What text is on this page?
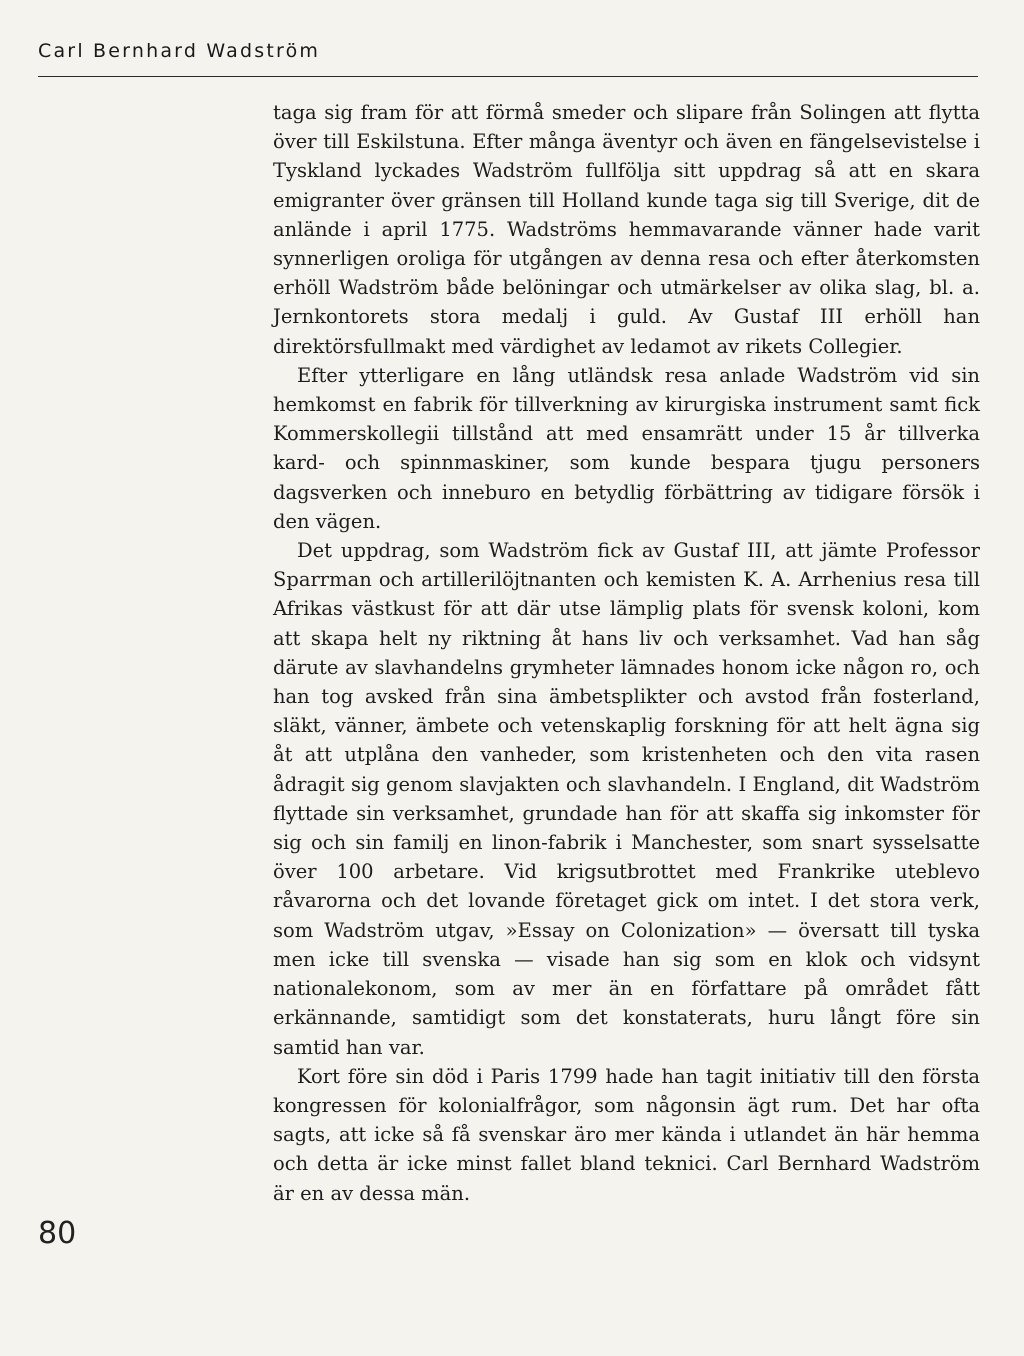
Carl Bernhard Wadström

taga sig fram för att förmå smeder och slipare från Solingen att flytta över till Eskilstuna. Efter många äventyr och även en fängelsevistelse i Tyskland lyckades Wadström fullfölja sitt uppdrag så att en skara emigranter över gränsen till Holland kunde taga sig till Sverige, dit de anlände i april 1775. Wadströms hemmavarande vänner hade varit synnerligen oroliga för utgången av denna resa och efter återkomsten erhöll Wadström både belöningar och utmärkelser av olika slag, bl. a. Jernkontorets stora medalj i guld. Av Gustaf III erhöll han direktörsfullmakt med värdighet av ledamot av rikets Collegier.

Efter ytterligare en lång utländsk resa anlade Wadström vid sin hemkomst en fabrik för tillverkning av kirurgiska instrument samt fick Kommerskollegii tillstånd att med ensamrätt under 15 år tillverka kard- och spinnmaskiner, som kunde bespara tjugu personers dagsverken och inneburo en betydlig förbättring av tidigare försök i den vägen.

Det uppdrag, som Wadström fick av Gustaf III, att jämte Professor Sparrman och artillerilöjtnanten och kemisten K. A. Arrhenius resa till Afrikas västkust för att där utse lämplig plats för svensk koloni, kom att skapa helt ny riktning åt hans liv och verksamhet. Vad han såg därute av slavhandelns grymheter lämnades honom icke någon ro, och han tog avsked från sina ämbetsplikter och avstod från fosterland, släkt, vänner, ämbete och vetenskaplig forskning för att helt ägna sig åt att utplåna den vanheder, som kristenheten och den vita rasen ådragit sig genom slavjakten och slavhandeln. I England, dit Wadström flyttade sin verksamhet, grundade han för att skaffa sig inkomster för sig och sin familj en linon-fabrik i Manchester, som snart sysselsatte över 100 arbetare. Vid krigsutbrottet med Frankrike uteblevo råvarorna och det lovande företaget gick om intet. I det stora verk, som Wadström utgav, »Essay on Colonization» — översatt till tyska men icke till svenska — visade han sig som en klok och vidsynt nationalekonom, som av mer än en författare på området fått erkännande, samtidigt som det konstaterats, huru långt före sin samtid han var.

Kort före sin död i Paris 1799 hade han tagit initiativ till den första kongressen för kolonialfrågor, som någonsin ägt rum. Det har ofta sagts, att icke så få svenskar äro mer kända i utlandet än här hemma och detta är icke minst fallet bland teknici. Carl Bernhard Wadström är en av dessa män.

80
